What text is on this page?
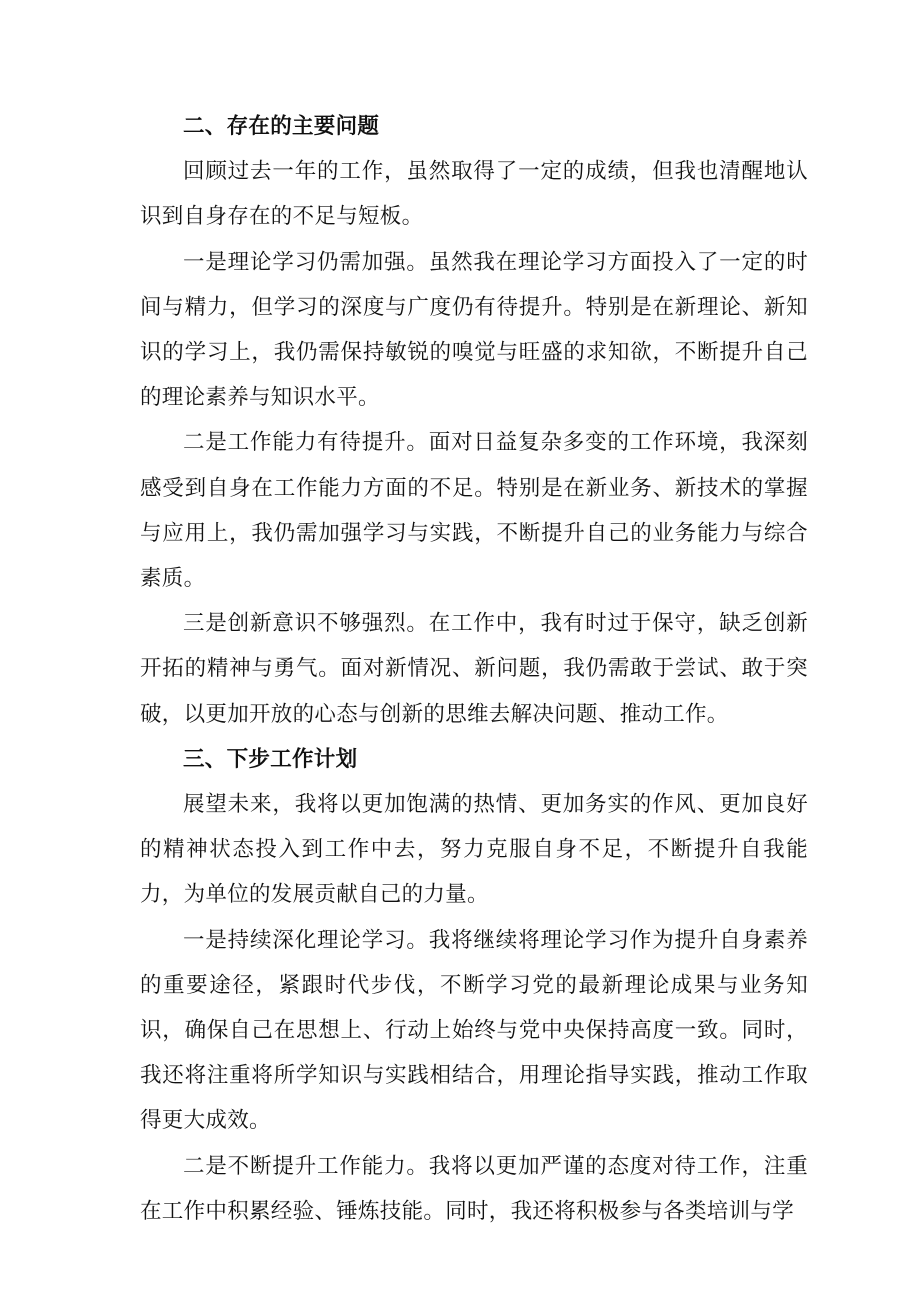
二、存在的主要问题

回顾过去一年的工作，虽然取得了一定的成绩，但我也清醒地认识到自身存在的不足与短板。

一是理论学习仍需加强。虽然我在理论学习方面投入了一定的时间与精力，但学习的深度与广度仍有待提升。特别是在新理论、新知识的学习上，我仍需保持敏锐的嗅觉与旺盛的求知欲，不断提升自己的理论素养与知识水平。

二是工作能力有待提升。面对日益复杂多变的工作环境，我深刻感受到自身在工作能力方面的不足。特别是在新业务、新技术的掌握与应用上，我仍需加强学习与实践，不断提升自己的业务能力与综合素质。

三是创新意识不够强烈。在工作中，我有时过于保守，缺乏创新开拓的精神与勇气。面对新情况、新问题，我仍需敢于尝试、敢于突破，以更加开放的心态与创新的思维去解决问题、推动工作。

三、下步工作计划

展望未来，我将以更加饱满的热情、更加务实的作风、更加良好的精神状态投入到工作中去，努力克服自身不足，不断提升自我能力，为单位的发展贡献自己的力量。

一是持续深化理论学习。我将继续将理论学习作为提升自身素养的重要途径，紧跟时代步伐，不断学习党的最新理论成果与业务知识，确保自己在思想上、行动上始终与党中央保持高度一致。同时，我还将注重将所学知识与实践相结合，用理论指导实践，推动工作取得更大成效。

二是不断提升工作能力。我将以更加严谨的态度对待工作，注重在工作中积累经验、锤炼技能。同时，我还将积极参与各类培训与学
